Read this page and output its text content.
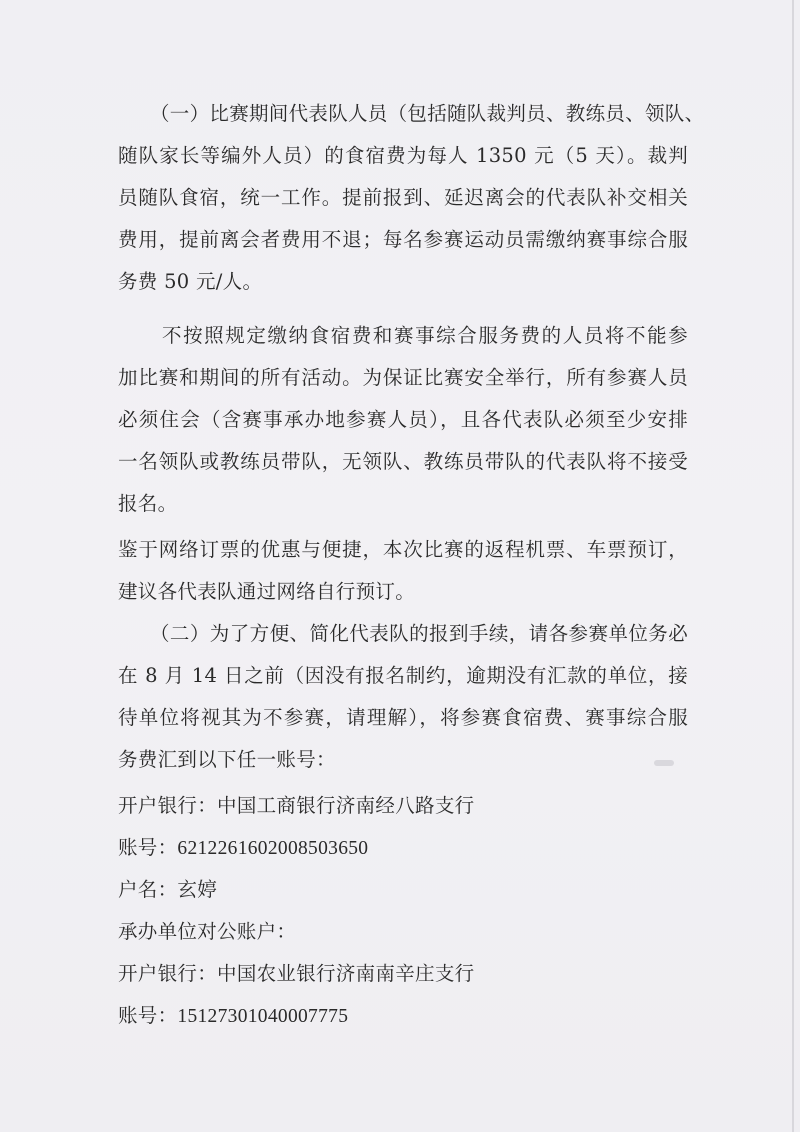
（一）比赛期间代表队人员（包括随队裁判员、教练员、领队、
随队家长等编外人员）的食宿费为每人 1350 元（5 天）。裁判
员随队食宿，统一工作。提前报到、延迟离会的代表队补交相关
费用，提前离会者费用不退；每名参赛运动员需缴纳赛事综合服
务费 50 元/人。
不按照规定缴纳食宿费和赛事综合服务费的人员将不能参
加比赛和期间的所有活动。为保证比赛安全举行，所有参赛人员
必须住会（含赛事承办地参赛人员），且各代表队必须至少安排
一名领队或教练员带队，无领队、教练员带队的代表队将不接受
报名。
鉴于网络订票的优惠与便捷，本次比赛的返程机票、车票预订，
建议各代表队通过网络自行预订。
（二）为了方便、简化代表队的报到手续，请各参赛单位务必
在 8 月 14 日之前（因没有报名制约，逾期没有汇款的单位，接
待单位将视其为不参赛，请理解），将参赛食宿费、赛事综合服
务费汇到以下任一账号：
开户银行：中国工商银行济南经八路支行
账号：6212261602008503650
户名：玄婷
承办单位对公账户：
开户银行：中国农业银行济南南辛庄支行
账号：15127301040007775
